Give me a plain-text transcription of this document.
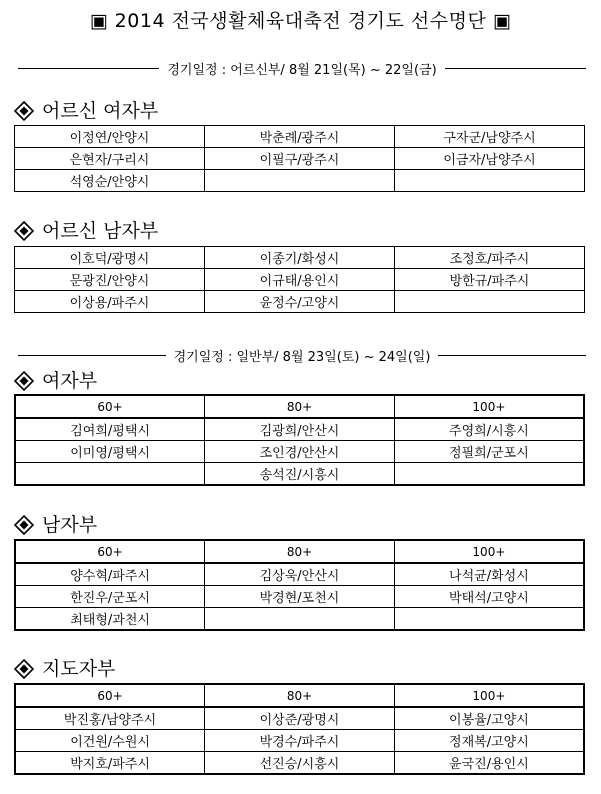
▣ 2014 전국생활체육대축전 경기도 선수명단 ▣
경기일정 : 어르신부/ 8월 21일(목) ~ 22일(금)
경기일정 : 일반부/ 8월 23일(토) ~ 24일(일)
어르신 여자부
이정연/안양시	박춘례/광주시	구자군/남양주시
은현자/구리시	이필구/광주시	이금자/남양주시
석영순/안양시		
어르신 남자부
이호덕/광명시	이종기/화성시	조정호/파주시
문광진/안양시	이규태/용인시	방한규/파주시
이상용/파주시	윤정수/고양시	
여자부
60+	80+	100+
김여희/평택시	김광희/안산시	주영희/시흥시
이미영/평택시	조인경/안산시	정필희/군포시
	송석진/시흥시	
남자부
60+	80+	100+
양수혁/파주시	김상욱/안산시	나석균/화성시
한진우/군포시	박경현/포천시	박태석/고양시
최태형/과천시		
지도자부
60+	80+	100+
박진홍/남양주시	이상준/광명시	이봉율/고양시
이건원/수원시	박경수/파주시	정재복/고양시
박지호/파주시	선진승/시흥시	윤국진/용인시
